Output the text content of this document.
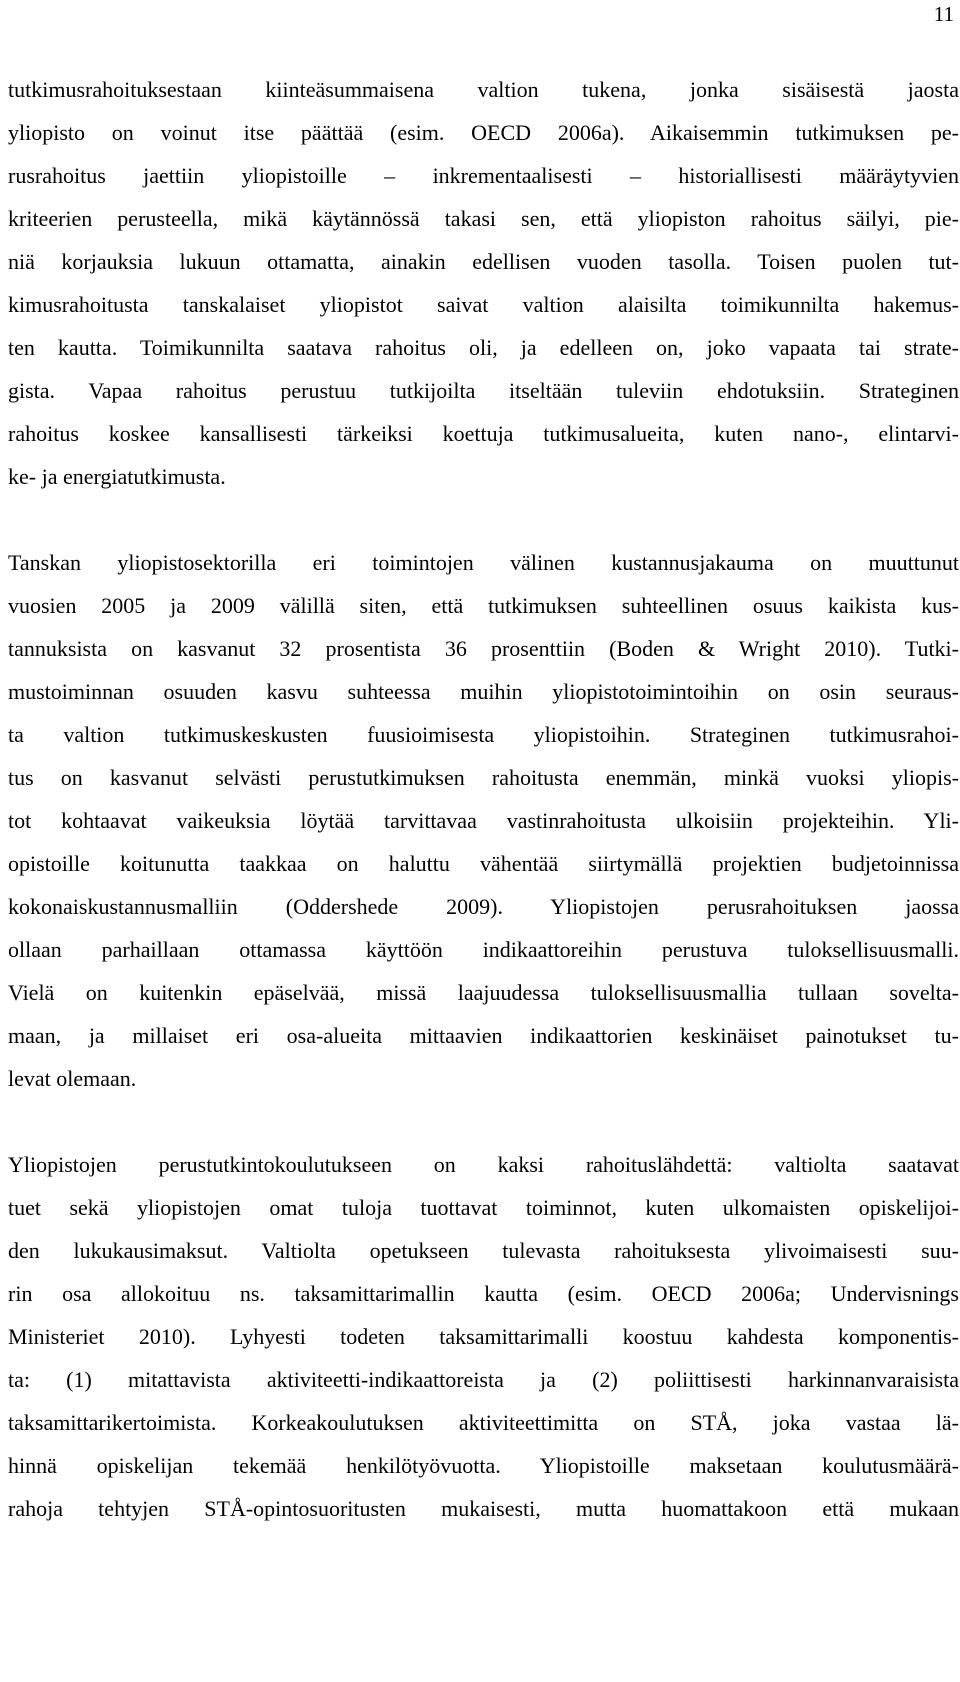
11
tutkimusrahoituksestaan kiinteäsummaisena valtion tukena, jonka sisäisestä jaosta
yliopisto on voinut itse päättää (esim. OECD 2006a). Aikaisemmin tutkimuksen pe-
rusrahoitus jaettiin yliopistoille – inkrementaalisesti – historiallisesti määräytyvien
kriteerien perusteella, mikä käytännössä takasi sen, että yliopiston rahoitus säilyi, pie-
niä korjauksia lukuun ottamatta, ainakin edellisen vuoden tasolla. Toisen puolen tut-
kimusrahoitusta tanskalaiset yliopistot saivat valtion alaisilta toimikunnilta hakemus-
ten kautta. Toimikunnilta saatava rahoitus oli, ja edelleen on, joko vapaata tai strate-
gista. Vapaa rahoitus perustuu tutkijoilta itseltään tuleviin ehdotuksiin. Strateginen
rahoitus koskee kansallisesti tärkeiksi koettuja tutkimusalueita, kuten nano-, elintarvi-
ke- ja energiatutkimusta.
Tanskan yliopistosektorilla eri toimintojen välinen kustannusjakauma on muuttunut
vuosien 2005 ja 2009 välillä siten, että tutkimuksen suhteellinen osuus kaikista kus-
tannuksista on kasvanut 32 prosentista 36 prosenttiin (Boden & Wright 2010). Tutki-
mustoiminnan osuuden kasvu suhteessa muihin yliopistotoimintoihin on osin seuraus-
ta valtion tutkimuskeskusten fuusioimisesta yliopistoihin. Strateginen tutkimusrahoi-
tus on kasvanut selvästi perustutkimuksen rahoitusta enemmän, minkä vuoksi yliopis-
tot kohtaavat vaikeuksia löytää tarvittavaa vastinrahoitusta ulkoisiin projekteihin. Yli-
opistoille koitunutta taakkaa on haluttu vähentää siirtymällä projektien budjetoinnissa
kokonaiskustannusmalliin (Oddershede 2009). Yliopistojen perusrahoituksen jaossa
ollaan parhaillaan ottamassa käyttöön indikaattoreihin perustuva tuloksellisuusmalli.
Vielä on kuitenkin epäselvää, missä laajuudessa tuloksellisuusmallia tullaan sovelta-
maan, ja millaiset eri osa-alueita mittaavien indikaattorien keskinäiset painotukset tu-
levat olemaan.
Yliopistojen perustutkintokoulutukseen on kaksi rahoituslähdettä: valtiolta saatavat
tuet sekä yliopistojen omat tuloja tuottavat toiminnot, kuten ulkomaisten opiskelijoi-
den lukukausimaksut. Valtiolta opetukseen tulevasta rahoituksesta ylivoimaisesti suu-
rin osa allokoituu ns. taksamittarimallin kautta (esim. OECD 2006a; Undervisnings
Ministeriet 2010). Lyhyesti todeten taksamittarimalli koostuu kahdesta komponentis-
ta: (1) mitattavista aktiviteetti-indikaattoreista ja (2) poliittisesti harkinnanvaraisista
taksamittarikertoimista. Korkeakoulutuksen aktiviteettimitta on STÅ, joka vastaa lä-
hinnä opiskelijan tekemää henkilötyövuotta. Yliopistoille maksetaan koulutusmäärä-
rahoja tehtyjen STÅ-opintosuoritusten mukaisesti, mutta huomattakoon että mukaan
